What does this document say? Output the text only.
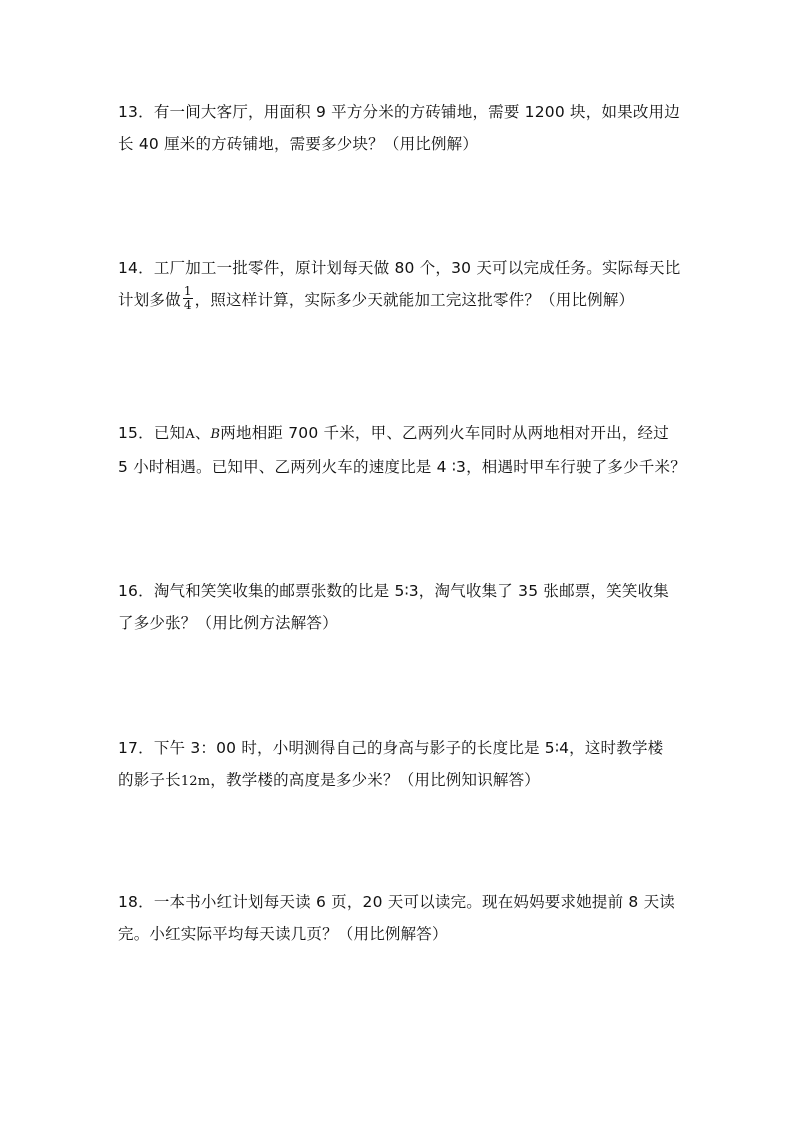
13．有一间大客厅，用面积 9 平方分米的方砖铺地，需要 1200 块，如果改用边
长 40 厘米的方砖铺地，需要多少块？（用比例解）
14．工厂加工一批零件，原计划每天做 80 个，30 天可以完成任务。实际每天比
计划多做 $\frac{1}{4}$ ，照这样计算，实际多少天就能加工完这批零件？（用比例解）
15．已知A、B两地相距 700 千米，甲、乙两列火车同时从两地相对开出，经过
5 小时相遇。已知甲、乙两列火车的速度比是 4 ∶3，相遇时甲车行驶了多少千米？
16．淘气和笑笑收集的邮票张数的比是 5∶3，淘气收集了 35 张邮票，笑笑收集
了多少张？（用比例方法解答）
17．下午 3：00 时，小明测得自己的身高与影子的长度比是 5∶4，这时教学楼
的影子长12m，教学楼的高度是多少米？（用比例知识解答）
18．一本书小红计划每天读 6 页，20 天可以读完。现在妈妈要求她提前 8 天读
完。小红实际平均每天读几页？（用比例解答）
